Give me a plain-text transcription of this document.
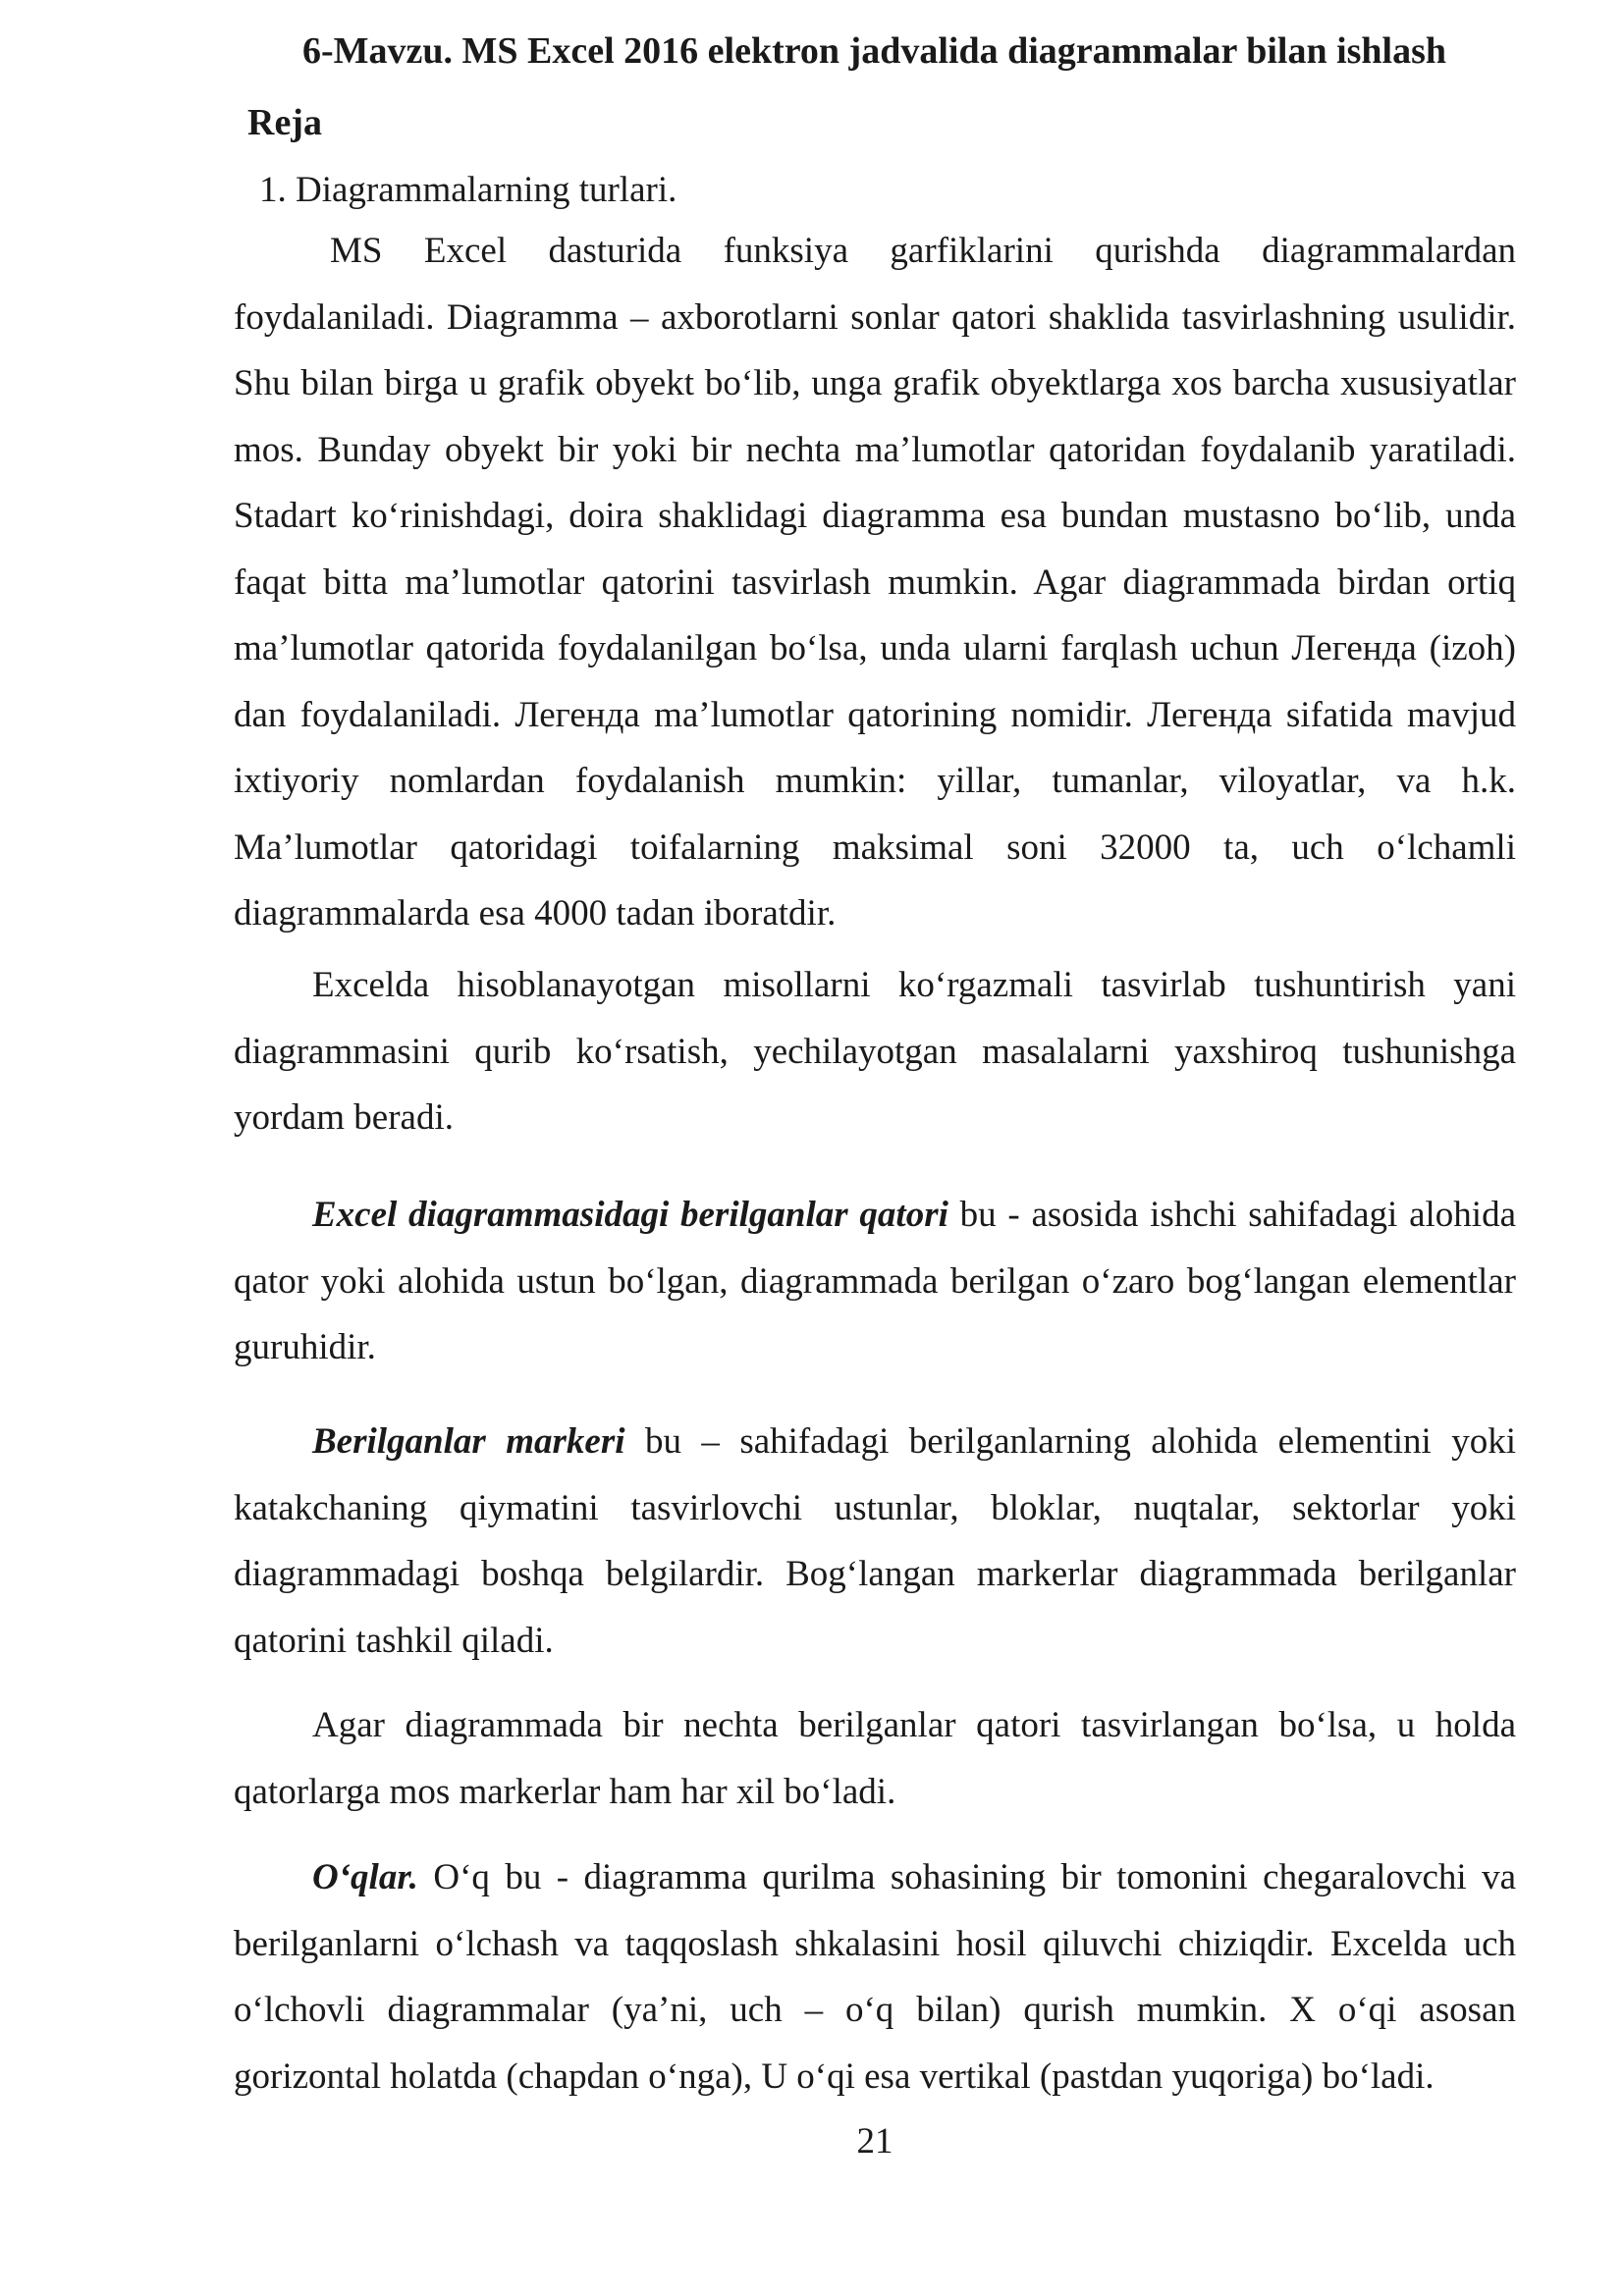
6-Mavzu. MS Excel 2016 elektron jadvalida diagrammalar bilan ishlash
Reja
1. Diagrammalarning turlari.

MS Excel dasturida funksiya garfiklarini qurishda diagrammalardan foydalaniladi. Diagramma – axborotlarni sonlar qatori shaklida tasvirlashning usulidir. Shu bilan birga u grafik obyekt bo‘lib, unga grafik obyektlarga xos barcha xususiyatlar mos. Bunday obyekt bir yoki bir nechta ma’lumotlar qatoridan foydalanib yaratiladi. Stadart ko‘rinishdagi, doira shaklidagi diagramma esa bundan mustasno bo‘lib, unda faqat bitta ma’lumotlar qatorini tasvirlash mumkin. Agar diagrammada birdan ortiq ma’lumotlar qatorida foydalanilgan bo‘lsa, unda ularni farqlash uchun Легенда (izoh) dan foydalaniladi. Легенда ma’lumotlar qatorining nomidir. Легенда sifatida mavjud ixtiyoriy nomlardan foydalanish mumkin: yillar, tumanlar, viloyatlar, va h.k. Ma’lumotlar qatoridagi toifalarning maksimal soni 32000 ta, uch o‘lchamli diagrammalarda esa 4000 tadan iboratdir.

Excelda hisoblanayotgan misollarni ko‘rgazmali tasvirlab tushuntirish yani diagrammasini qurib ko‘rsatish, yechilayotgan masalalarni yaxshiroq tushunishga yordam beradi.

Excel diagrammasidagi berilganlar qatori bu - asosida ishchi sahifadagi alohida qator yoki alohida ustun bo‘lgan, diagrammada berilgan o‘zaro bog‘langan elementlar guruhidir.

Berilganlar markeri bu – sahifadagi berilganlarning alohida elementini yoki katakchaning qiymatini tasvirlovchi ustunlar, bloklar, nuqtalar, sektorlar yoki diagrammadagi boshqa belgilardir. Bog‘langan markerlar diagrammada berilganlar qatorini tashkil qiladi.

Agar diagrammada bir nechta berilganlar qatori tasvirlangan bo‘lsa, u holda qatorlarga mos markerlar ham har xil bo‘ladi.

O‘qlar. O‘q bu - diagramma qurilma sohasining bir tomonini chegaralovchi va berilganlarni o‘lchash va taqqoslash shkalasini hosil qiluvchi chiziqdir. Excelda uch o‘lchovli diagrammalar (ya’ni, uch – o‘q bilan) qurish mumkin. X o‘qi asosan gorizontal holatda (chapdan o‘nga), U o‘qi esa vertikal (pastdan yuqoriga) bo‘ladi.

21
